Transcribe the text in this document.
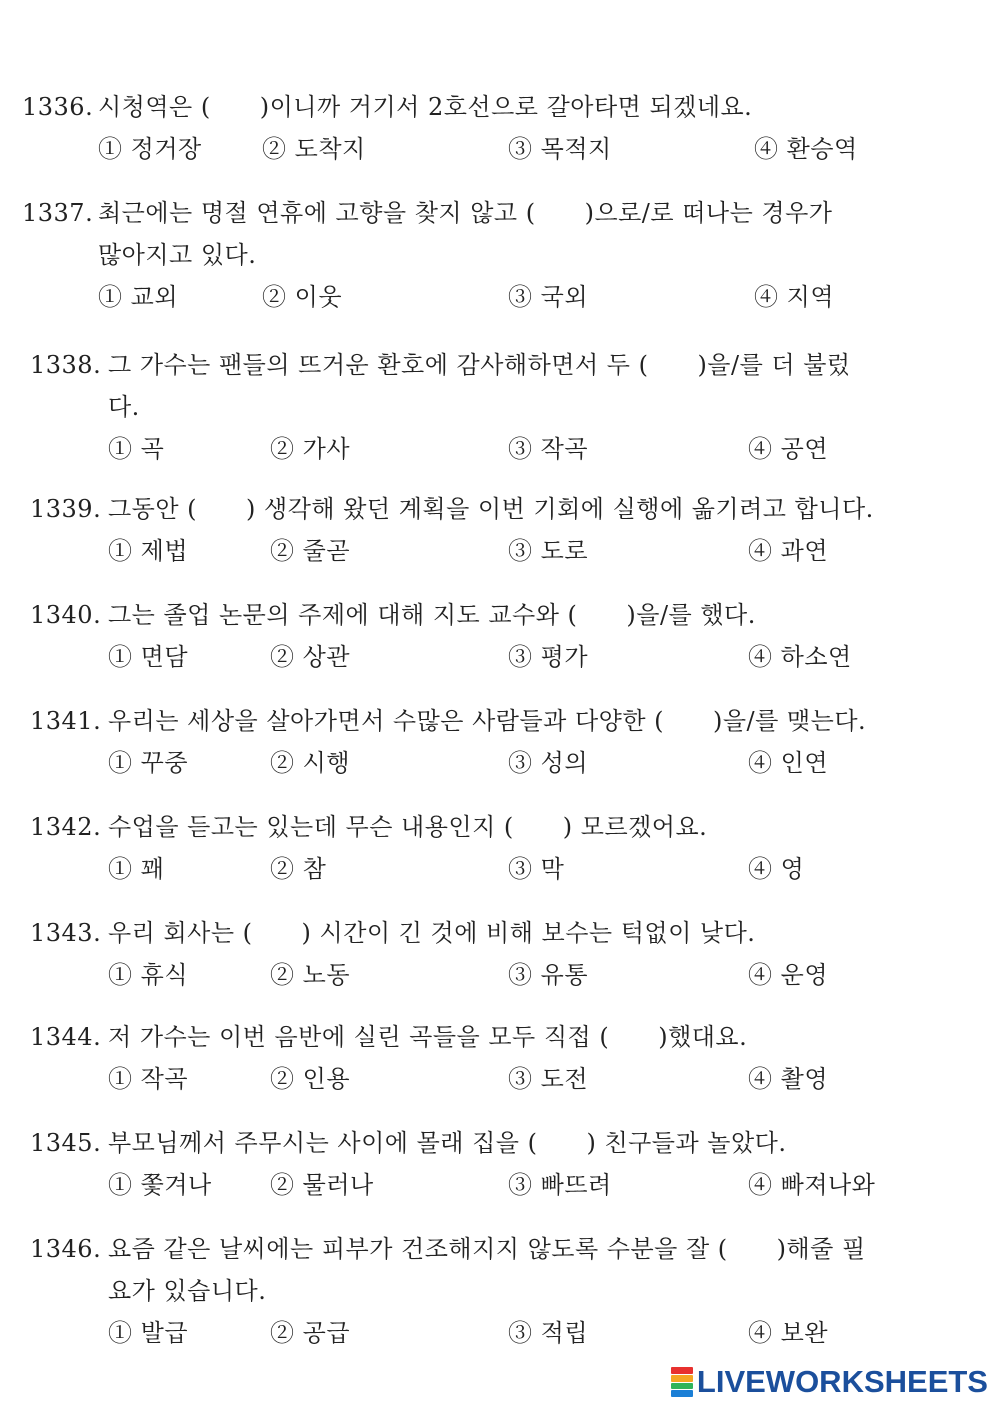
1336. 시청역은 (　　)이니까 거기서 2호선으로 갈아타면 되겠네요.
① 정거장	② 도착지	③ 목적지	④ 환승역
1337. 최근에는 명절 연휴에 고향을 찾지 않고 (　　)으로/로 떠나는 경우가
많아지고 있다.
① 교외	② 이웃	③ 국외	④ 지역
1338. 그 가수는 팬들의 뜨거운 환호에 감사해하면서 두 (　　)을/를 더 불렀
다.
① 곡	② 가사	③ 작곡	④ 공연
1339. 그동안 (　　) 생각해 왔던 계획을 이번 기회에 실행에 옮기려고 합니다.
① 제법	② 줄곧	③ 도로	④ 과연
1340. 그는 졸업 논문의 주제에 대해 지도 교수와 (　　)을/를 했다.
① 면담	② 상관	③ 평가	④ 하소연
1341. 우리는 세상을 살아가면서 수많은 사람들과 다양한 (　　)을/를 맺는다.
① 꾸중	② 시행	③ 성의	④ 인연
1342. 수업을 듣고는 있는데 무슨 내용인지 (　　) 모르겠어요.
① 꽤	② 참	③ 막	④ 영
1343. 우리 회사는 (　　) 시간이 긴 것에 비해 보수는 턱없이 낮다.
① 휴식	② 노동	③ 유통	④ 운영
1344. 저 가수는 이번 음반에 실린 곡들을 모두 직접 (　　)했대요.
① 작곡	② 인용	③ 도전	④ 촬영
1345. 부모님께서 주무시는 사이에 몰래 집을 (　　) 친구들과 놀았다.
① 쫓겨나 ② 물러나	③ 빠뜨려	④ 빠져나와
1346. 요즘 같은 날씨에는 피부가 건조해지지 않도록 수분을 잘 (　　)해줄 필
요가 있습니다.
① 발급	② 공급	③ 적립	④ 보완
LIVEWORKSHEETS
